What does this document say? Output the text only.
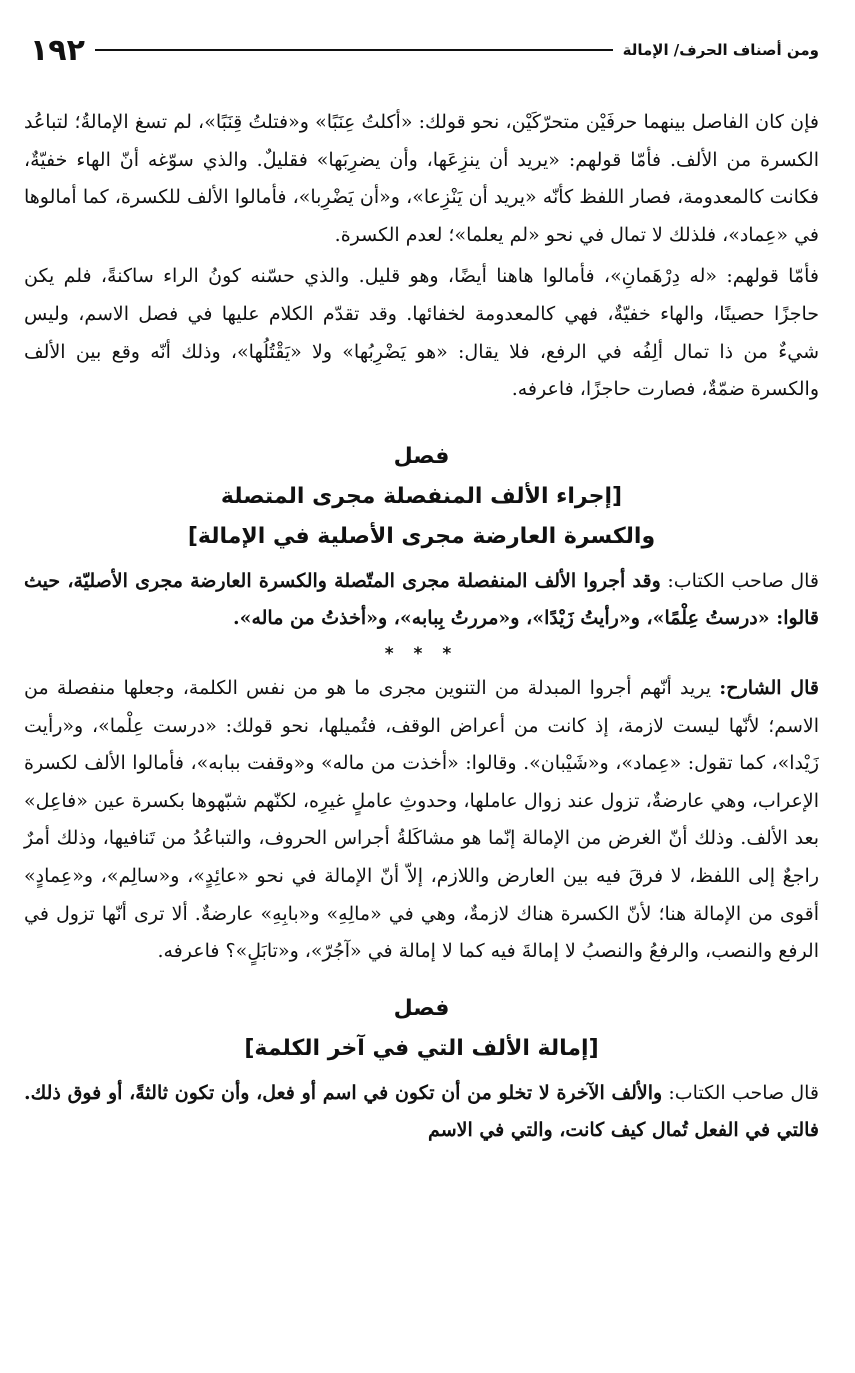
ومن أصناف الحرف/ الإمالة
١٩٢

فإن كان الفاصل بينهما حرفَيْن متحرّكَيْن، نحو قولك: «أكلتُ عِنَبًا» و«فتلتُ قِنَبًا»، لم تسغ الإمالةُ؛ لتباعُد الكسرة من الألف. فأمّا قولهم: «يريد أن ينزِعَها، وأن يضرِبَها» فقليلٌ. والذي سوّغه أنّ الهاء خفيّةٌ، فكانت كالمعدومة، فصار اللفظ كأنّه «يريد أن يَنْزِعا»، و«أن يَضْرِبا»، فأمالوا الألف للكسرة، كما أمالوها في «عِماد»، فلذلك لا تمال في نحو «لم يعلما»؛ لعدم الكسرة.

فأمّا قولهم: «له دِرْهَمانِ»، فأمالوا هاهنا أيضًا، وهو قليل. والذي حسّنه كونُ الراء ساكنةً، فلم يكن حاجزًا حصينًا، والهاء خفيّةٌ، فهي كالمعدومة لخفائها. وقد تقدّم الكلام عليها في فصل الاسم، وليس شيءٌ من ذا تمال ألِفُه في الرفع، فلا يقال: «هو يَضْرِبُها» ولا «يَقْتُلُها»، وذلك أنّه وقع بين الألف والكسرة ضمّةٌ، فصارت حاجزًا، فاعرفه.

فصل

[إجراء الألف المنفصلة مجرى المتصلة

والكسرة العارضة مجرى الأصلية في الإمالة]

قال صاحب الكتاب: وقد أجروا الألف المنفصلة مجرى المتّصلة والكسرة العارضة مجرى الأصليّة، حيث قالوا: «درستُ عِلْمًا»، و«رأيتُ زَيْدًا»، و«مررتُ بِبابه»، و«أخذتُ من ماله».

* * *

قال الشارح: يريد أنّهم أجروا المبدلة من التنوين مجرى ما هو من نفس الكلمة، وجعلها منفصلة من الاسم؛ لأنّها ليست لازمة، إذ كانت من أعراض الوقف، فتُميلها، نحو قولك: «درست عِلْما»، و«رأيت زَيْدا»، كما تقول: «عِماد»، و«شَيْبان». وقالوا: «أخذت من ماله» و«وقفت ببابه»، فأمالوا الألف لكسرة الإعراب، وهي عارضةٌ، تزول عند زوال عاملها، وحدوثِ عاملٍ غيرِه، لكنّهم شبّهوها بكسرة عين «فاعِل» بعد الألف. وذلك أنّ الغرض من الإمالة إنّما هو مشاكَلةُ أجراس الحروف، والتباعُدُ من تَنافيها، وذلك أمرٌ راجعٌ إلى اللفظ، لا فرقَ فيه بين العارض واللازم، إلاّ أنّ الإمالة في نحو «عائِدٍ»، و«سالِم»، و«عِمادٍ» أقوى من الإمالة هنا؛ لأنّ الكسرة هناك لازمةٌ، وهي في «مالِهِ» و«بابِهِ» عارضةٌ. ألا ترى أنّها تزول في الرفع والنصب، والرفعُ والنصبُ لا إمالةَ فيه كما لا إمالة في «آجُرّ»، و«تابَلٍ»؟ فاعرفه.

فصل

[إمالة الألف التي في آخر الكلمة]

قال صاحب الكتاب: والألف الآخرة لا تخلو من أن تكون في اسم أو فعل، وأن تكون ثالثةً، أو فوق ذلك. فالتي في الفعل تُمال كيف كانت، والتي في الاسم
